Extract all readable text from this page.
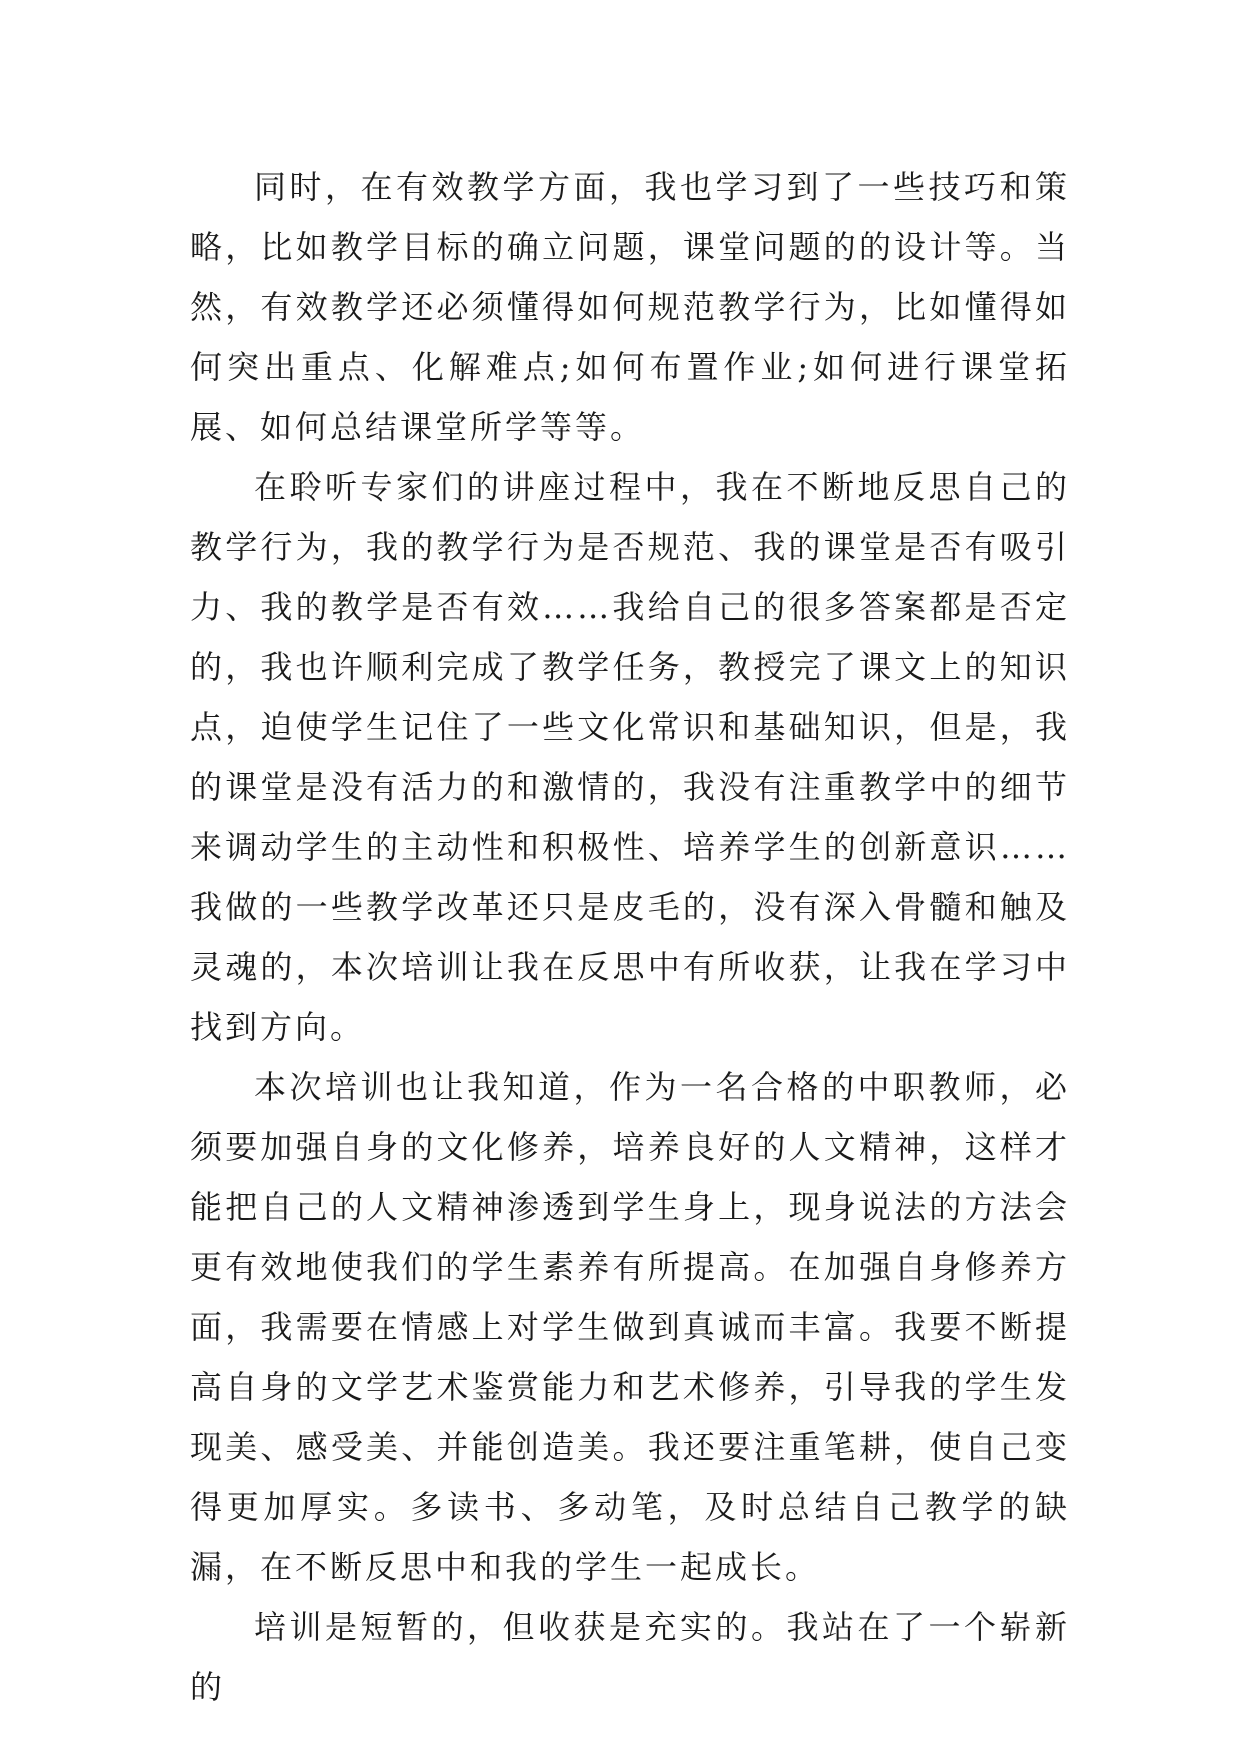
同时，在有效教学方面，我也学习到了一些技巧和策略，比如教学目标的确立问题，课堂问题的的设计等。当然，有效教学还必须懂得如何规范教学行为，比如懂得如何突出重点、化解难点;如何布置作业;如何进行课堂拓展、如何总结课堂所学等等。

在聆听专家们的讲座过程中，我在不断地反思自己的教学行为，我的教学行为是否规范、我的课堂是否有吸引力、我的教学是否有效……我给自己的很多答案都是否定的，我也许顺利完成了教学任务，教授完了课文上的知识点，迫使学生记住了一些文化常识和基础知识，但是，我的课堂是没有活力的和激情的，我没有注重教学中的细节来调动学生的主动性和积极性、培养学生的创新意识……我做的一些教学改革还只是皮毛的，没有深入骨髓和触及灵魂的，本次培训让我在反思中有所收获，让我在学习中找到方向。

本次培训也让我知道，作为一名合格的中职教师，必须要加强自身的文化修养，培养良好的人文精神，这样才能把自己的人文精神渗透到学生身上，现身说法的方法会更有效地使我们的学生素养有所提高。在加强自身修养方面，我需要在情感上对学生做到真诚而丰富。我要不断提高自身的文学艺术鉴赏能力和艺术修养，引导我的学生发现美、感受美、并能创造美。我还要注重笔耕，使自己变得更加厚实。多读书、多动笔，及时总结自己教学的缺漏，在不断反思中和我的学生一起成长。

培训是短暂的，但收获是充实的。我站在了一个崭新的
